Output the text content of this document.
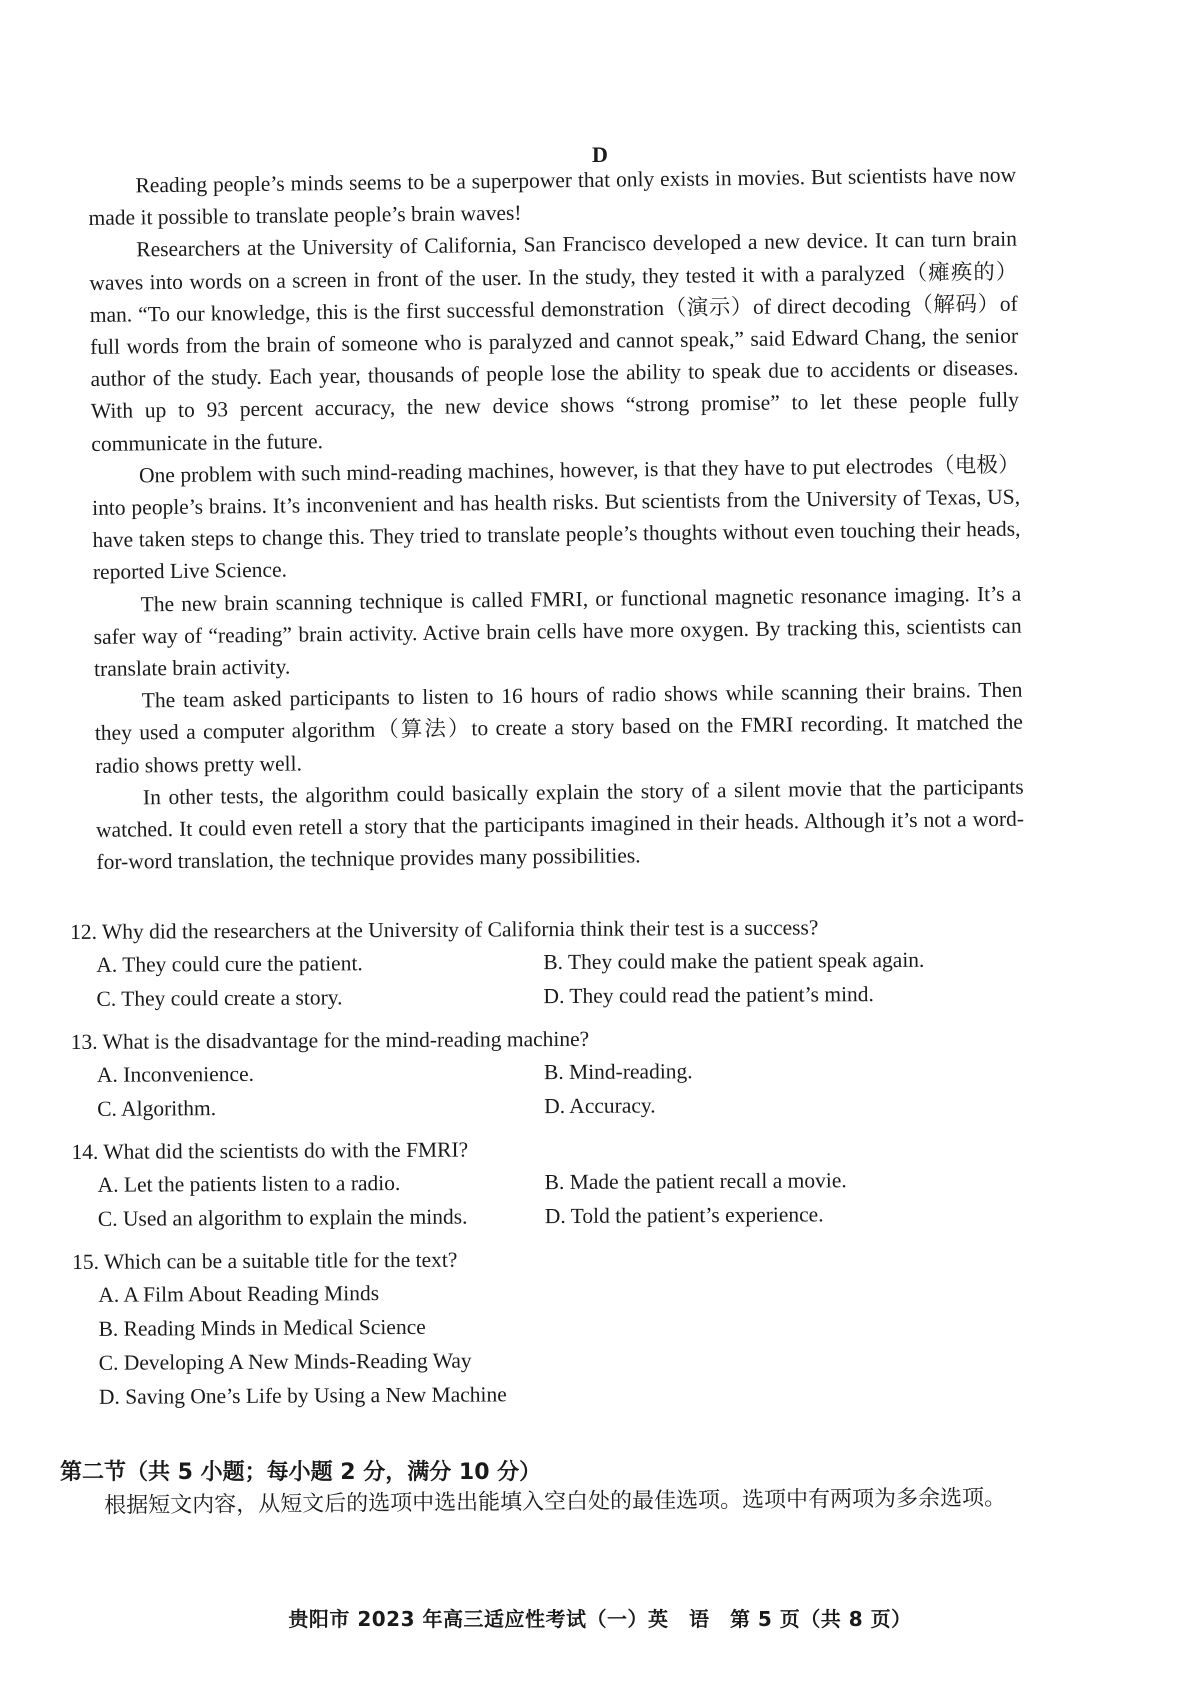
D

Reading people’s minds seems to be a superpower that only exists in movies. But scientists have now made it possible to translate people’s brain waves!

Researchers at the University of California, San Francisco developed a new device. It can turn brain waves into words on a screen in front of the user. In the study, they tested it with a paralyzed（瘫痪的）man. “To our knowledge, this is the first successful demonstration（演示）of direct decoding（解码）of full words from the brain of someone who is paralyzed and cannot speak,” said Edward Chang, the senior author of the study. Each year, thousands of people lose the ability to speak due to accidents or diseases. With up to 93 percent accuracy, the new device shows “strong promise” to let these people fully communicate in the future.

One problem with such mind-reading machines, however, is that they have to put electrodes（电极）into people’s brains. It’s inconvenient and has health risks. But scientists from the University of Texas, US, have taken steps to change this. They tried to translate people’s thoughts without even touching their heads, reported Live Science.

The new brain scanning technique is called FMRI, or functional magnetic resonance imaging. It’s a safer way of “reading” brain activity. Active brain cells have more oxygen. By tracking this, scientists can translate brain activity.

The team asked participants to listen to 16 hours of radio shows while scanning their brains. Then they used a computer algorithm（算法）to create a story based on the FMRI recording. It matched the radio shows pretty well.

In other tests, the algorithm could basically explain the story of a silent movie that the participants watched. It could even retell a story that the participants imagined in their heads. Although it’s not a word-for-word translation, the technique provides many possibilities.

12. Why did the researchers at the University of California think their test is a success?

A. They could cure the patient.	B. They could make the patient speak again.
C. They could create a story.	D. They could read the patient’s mind.

13. What is the disadvantage for the mind-reading machine?

A. Inconvenience.	B. Mind-reading.
C. Algorithm.	D. Accuracy.

14. What did the scientists do with the FMRI?

A. Let the patients listen to a radio.	B. Made the patient recall a movie.
C. Used an algorithm to explain the minds.	D. Told the patient’s experience.

15. Which can be a suitable title for the text?

A. A Film About Reading Minds
B. Reading Minds in Medical Science
C. Developing A New Minds-Reading Way
D. Saving One’s Life by Using a New Machine
第二节（共 5 小题；每小题 2 分，满分 10 分）

根据短文内容，从短文后的选项中选出能填入空白处的最佳选项。选项中有两项为多余选项。

贵阳市 2023 年高三适应性考试（一）英　语　第 5 页（共 8 页）
